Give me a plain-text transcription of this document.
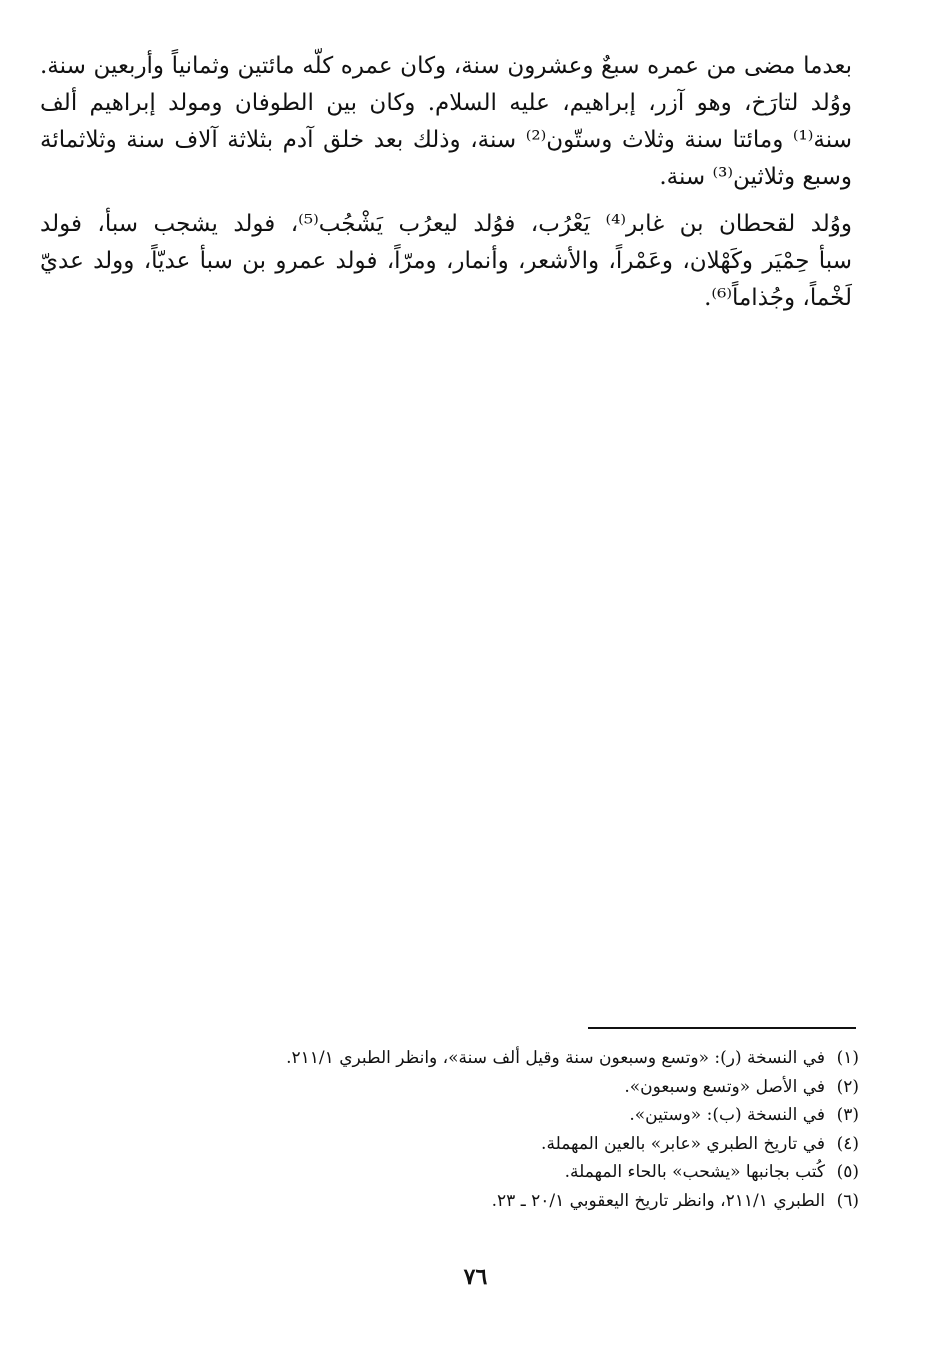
بعدما مضى من عمره سبعٌ وعشرون سنة، وكان عمره كلّه مائتين وثمانياً وأربعين سنة.
ووُلد لتارَخ، وهو آزر، إبراهيم، عليه السلام. وكان بين الطوفان ومولد إبراهيم ألف
سنة⁽¹⁾ ومائتا سنة وثلاث وستّون⁽²⁾ سنة، وذلك بعد خلق آدم بثلاثة آلاف سنة وثلاثمائة
وسبع وثلاثين⁽³⁾ سنة.

ووُلد لقحطان بن غابر⁽⁴⁾ يَعْرُب، فوُلد ليعرُب يَشْجُب⁽⁵⁾، فولد يشجب سبأ، فولد
سبأ حِمْيَر وكَهْلان، وعَمْراً، والأشعر، وأنمار، ومرّاً، فولد عمرو بن سبأ عديّاً، وولد عديّ
لَخْماً، وجُذاماً⁽⁶⁾.

(١)في النسخة (ر): «وتسع وسبعون سنة وقيل ألف سنة»، وانظر الطبري ٢١١/١.
(٢)في الأصل «وتسع وسبعون».
(٣)في النسخة (ب): «وستين».
(٤)في تاريخ الطبري «عابر» بالعين المهملة.
(٥)كُتب بجانبها «يشحب» بالحاء المهملة.
(٦)الطبري ٢١١/١، وانظر تاريخ اليعقوبي ٢٠/١ ـ ٢٣.
٧٦
